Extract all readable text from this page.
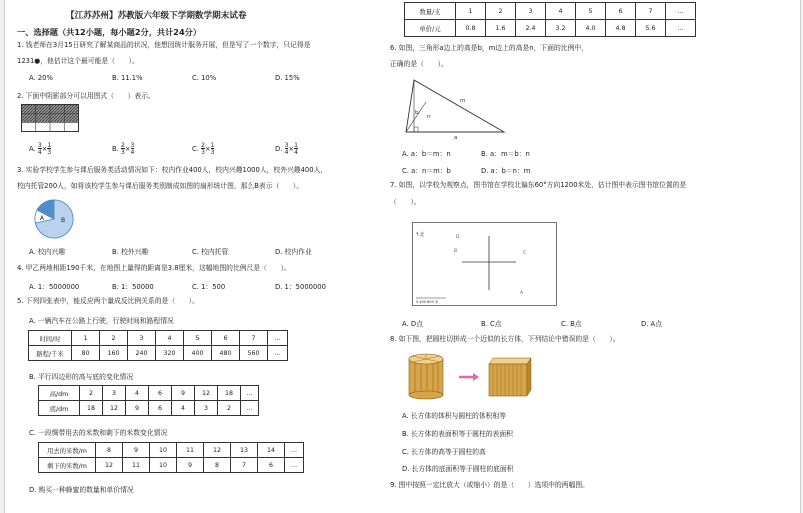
【江苏苏州】苏教版六年级下学期数学期末试卷
一、选择题（共12小题，每小题2分，共计24分）
1. 钱老师在3月15日研究了解某商品的状况，他想因统计服务开展，但是写了一个数字，只记得是
1231●，他估计这个最可能是（　　）。
A. 20%	B. 11.1%	C. 10%	D. 15%
2. 下面中阴影部分可以用图式（　　）表示。
A. $\frac{3}{4}\times\frac{1}{3}$	B. $\frac{2}{3}\times\frac{3}{4}$	C. $\frac{2}{3}\times\frac{1}{3}$	D. $\frac{3}{4}\times\frac{1}{4}$
3. 实验学校学生参与课后服务类活动情况如下：校内作业400人，校内兴趣1000人，校外兴趣400人，
校内托管200人，如将该校学生参与课后服务类别制成如图的扇形统计图，那么B表示（　　）。
A	B
A. 校内兴趣	B. 校外兴趣	C. 校内托管	D. 校内作业
4. 甲乙两地相距190千米，在地图上量得的距离是3.8厘米，这幅地图的比例尺是（　　）。
A. 1：5000000	B. 1：50000	C. 1：500	D. 1：5000000
5. 下列四张表中，能反应两个量成反比例关系的是（　　）。
A. 一辆汽车在公路上行驶，行驶时间和路程情况
时间/时	1	2	3	4	5	6	7	…
路程/千米	80	160	240	320	400	480	560	…
B. 平行四边形的高与底的变化情况
高/dm	2	3	4	6	9	12	18	…
底/dm	18	12	9	6	4	3	2	…
C. 一段绸带用去的米数和剩下的米数变化情况
用去的米数/m	8	9	10	11	12	13	14	…
剩下的米数/m	12	11	10	9	8	7	6	…
D. 购买一种蜂蜜的数量和单价情况
数量/支	1	2	3	4	5	6	7	…
单价/元	0.8	1.6	2.4	3.2	4.0	4.8	5.6	…
6. 如图，三角形a边上的高是b，m边上的高是n，下面的比例中，
正确的是（　　）。
m
n
b
a
A. a：b＝m：n	B. a：m＝b：n
C. a：n＝m：b	D. a：b＝n：m
7. 如图，以学校为观察点，图书馆在学校北偏东60°方向1200米处，估计图中表示图书馆位置的是
（　　）。
↑北	D
C
B
A
0 400 800 米
A. D点	B. C点	C. B点	D. A点
8. 如下图，把圆柱切拼成一个近似的长方体，下列结论中错误的是（　　）。
A. 长方体的体积与圆柱的体积相等
B. 长方体的表面积等于圆柱的表面积
C. 长方体的高等于圆柱的高
D. 长方体的底面积等于圆柱的底面积
9. 图中按照一定比放大（或缩小）的是（　　）选项中的两幅图。
